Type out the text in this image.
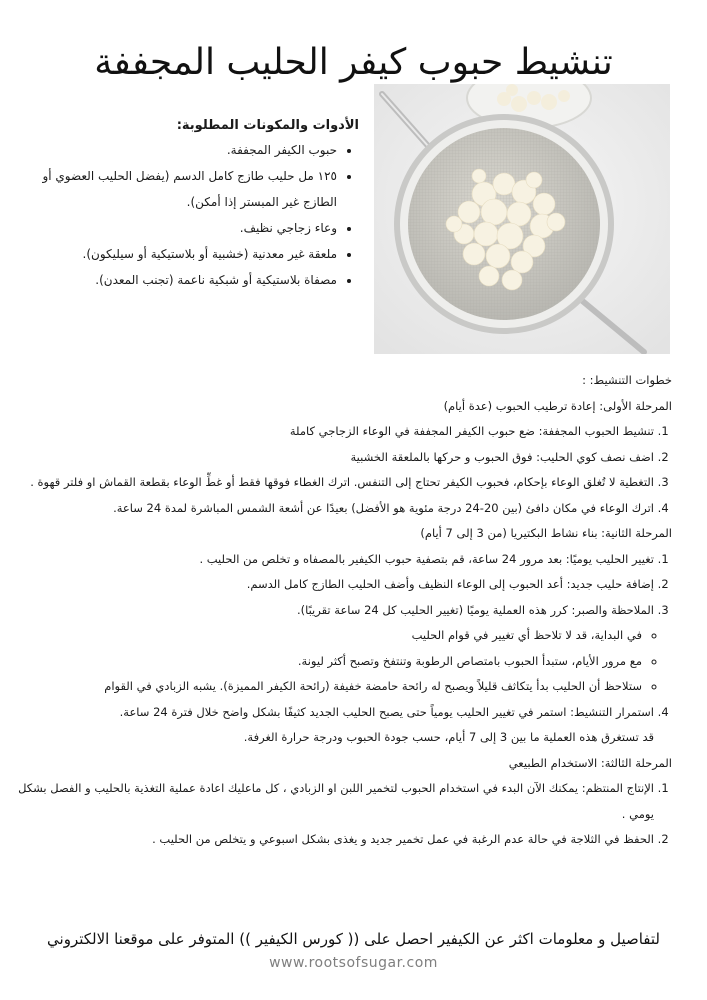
تنشيط حبوب كيفر الحليب المجففة
الأدوات والمكونات المطلوبة:
• حبوب الكيفر المجففة.
• ١٢٥ مل حليب طازج كامل الدسم (يفضل الحليب العضوي أو الطازج غير المبستر إذا أمكن).
• وعاء زجاجي نظيف.
• ملعقة غير معدنية (خشبية أو بلاستيكية أو سيليكون).
• مصفاة بلاستيكية أو شبكية ناعمة (تجنب المعدن).

خطوات التنشيط: :

المرحلة الأولى: إعادة ترطيب الحبوب (عدة أيام)

1. تنشيط الحبوب المجففة: ضع حبوب الكيفر المجففة في الوعاء الزجاجي كاملة
2. اضف نصف كوي الحليب: فوق الحبوب و حركها بالملعقة الخشبية
3. التغطية لا تُغلق الوعاء بإحكام، فحبوب الكيفر تحتاج إلى التنفس. اترك الغطاء فوقها فقط أو غطِّ الوعاء بقطعة القماش او فلتر قهوة .
4. اترك الوعاء في مكان دافئ (بين 20-24 درجة مئوية هو الأفضل) بعيدًا عن أشعة الشمس المباشرة لمدة 24 ساعة.

المرحلة الثانية: بناء نشاط البكتيريا (من 3 إلى 7 أيام)

1. تغيير الحليب يوميًا: بعد مرور 24 ساعة، قم بتصفية حبوب الكيفير بالمصفاه و تخلص من الحليب .
2. إضافة حليب جديد: أعد الحبوب إلى الوعاء النظيف وأضف الحليب الطازج كامل الدسم.
3. الملاحظة والصبر: كرر هذه العملية يوميًا (تغيير الحليب كل 24 ساعة تقريبًا).
◦ في البداية، قد لا تلاحظ أي تغيير في قوام الحليب
◦ مع مرور الأيام، ستبدأ الحبوب بامتصاص الرطوبة وتنتفخ وتصبح أكثر ليونة.
◦ ستلاحظ أن الحليب بدأ يتكاثف قليلاً ويصبح له رائحة حامضة خفيفة (رائحة الكيفر المميزة). يشبه الزبادي في القوام
4. استمرار التنشيط: استمر في تغيير الحليب يومياً حتى يصبح الحليب الجديد كثيفًا بشكل واضح خلال فترة 24 ساعة.

قد تستغرق هذه العملية ما بين 3 إلى 7 أيام، حسب جودة الحبوب ودرجة حرارة الغرفة.

المرحلة الثالثة: الاستخدام الطبيعي

1. الإنتاج المنتظم: يمكنك الآن البدء في استخدام الحبوب لتخمير اللبن او الزبادي ، كل ماعليك اعادة عملية التغذية بالحليب و الفصل بشكل يومي .
2. الحفظ في الثلاجة في حالة عدم الرغبة في عمل تخمير جديد و يغذى بشكل اسبوعي و يتخلص من الحليب .
لتفاصيل و معلومات اكثر عن الكيفير احصل على (( كورس الكيفير )) المتوفر على موقعنا الالكتروني
www.rootsofsugar.com
